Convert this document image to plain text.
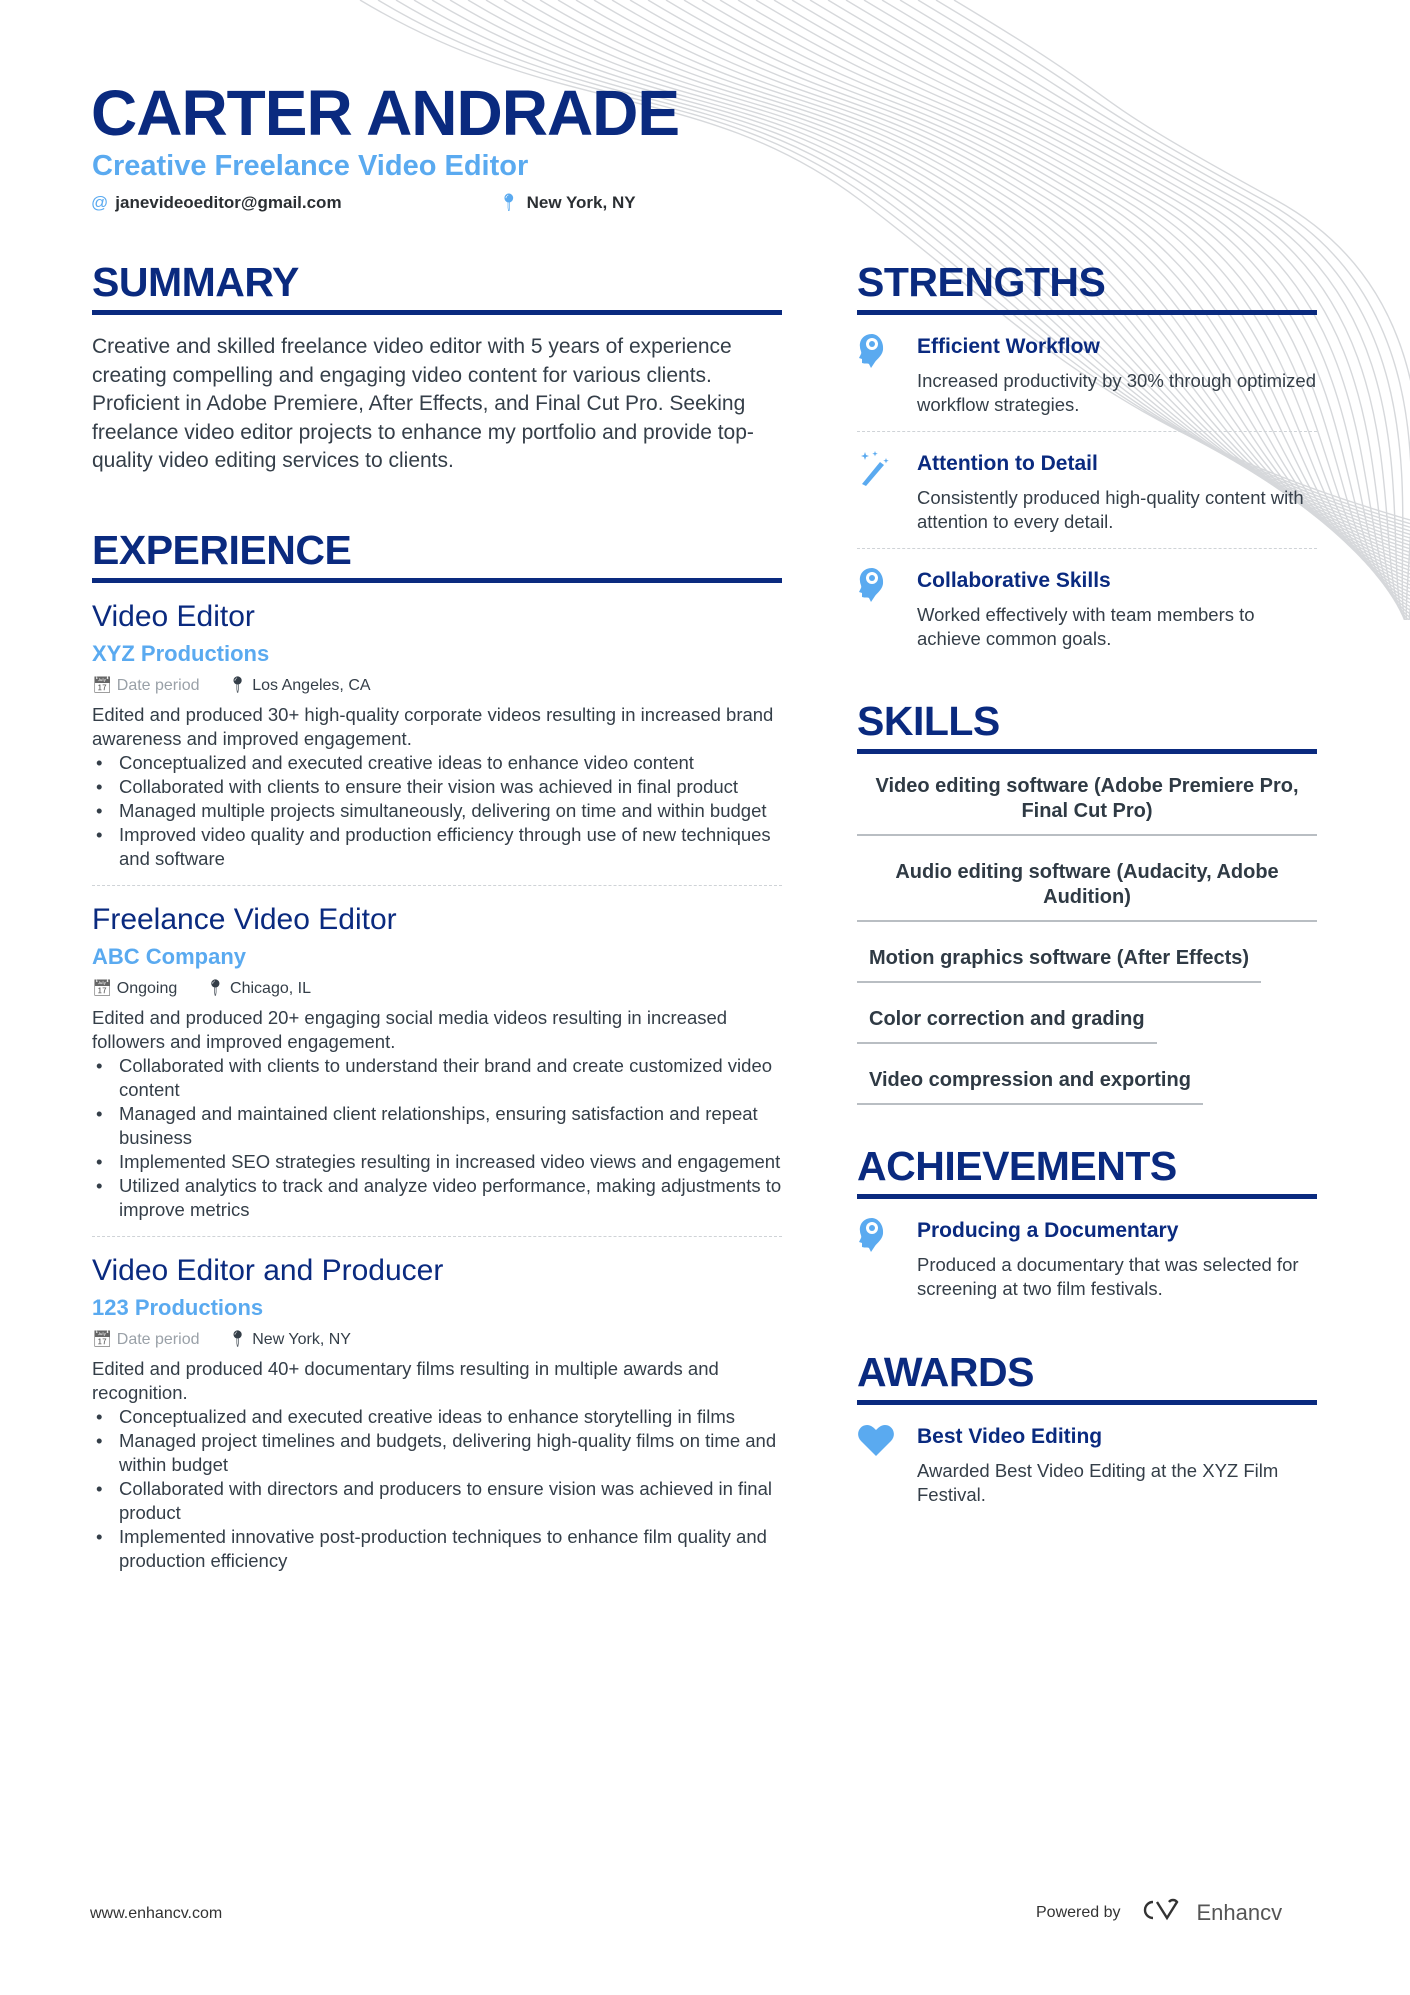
CARTER ANDRADE
Creative Freelance Video Editor
@ janevideoeditor@gmail.com	📍︎ New York, NY
SUMMARY

Creative and skilled freelance video editor with 5 years of experience creating compelling and engaging video content for various clients. Proficient in Adobe Premiere, After Effects, and Final Cut Pro. Seeking freelance video editor projects to enhance my portfolio and provide top-quality video editing services to clients.

EXPERIENCE
Video Editor
XYZ Productions
📅︎ Date period 📍︎ Los Angeles, CA
Edited and produced 30+ high-quality corporate videos resulting in increased brand awareness and improved engagement.
• Conceptualized and executed creative ideas to enhance video content
• Collaborated with clients to ensure their vision was achieved in final product
• Managed multiple projects simultaneously, delivering on time and within budget
• Improved video quality and production efficiency through use of new techniques and software
Freelance Video Editor
ABC Company
📅︎ Ongoing 📍︎ Chicago, IL
Edited and produced 20+ engaging social media videos resulting in increased followers and improved engagement.
• Collaborated with clients to understand their brand and create customized video content
• Managed and maintained client relationships, ensuring satisfaction and repeat business
• Implemented SEO strategies resulting in increased video views and engagement
• Utilized analytics to track and analyze video performance, making adjustments to improve metrics
Video Editor and Producer
123 Productions
📅︎ Date period 📍︎ New York, NY
Edited and produced 40+ documentary films resulting in multiple awards and recognition.
• Conceptualized and executed creative ideas to enhance storytelling in films
• Managed project timelines and budgets, delivering high-quality films on time and within budget
• Collaborated with directors and producers to ensure vision was achieved in final product
• Implemented innovative post-production techniques to enhance film quality and production efficiency
STRENGTHS
Efficient Workflow
Increased productivity by 30% through optimized workflow strategies.
Attention to Detail
Consistently produced high-quality content with attention to every detail.
Collaborative Skills
Worked effectively with team members to achieve common goals.
SKILLS
Video editing software (Adobe Premiere Pro, Final Cut Pro)
Audio editing software (Audacity, Adobe Audition)
Motion graphics software (After Effects)
Color correction and grading
Video compression and exporting
ACHIEVEMENTS
Producing a Documentary
Produced a documentary that was selected for screening at two film festivals.
AWARDS
Best Video Editing
Awarded Best Video Editing at the XYZ Film Festival.
www.enhancv.com	Powered by	Enhancv
